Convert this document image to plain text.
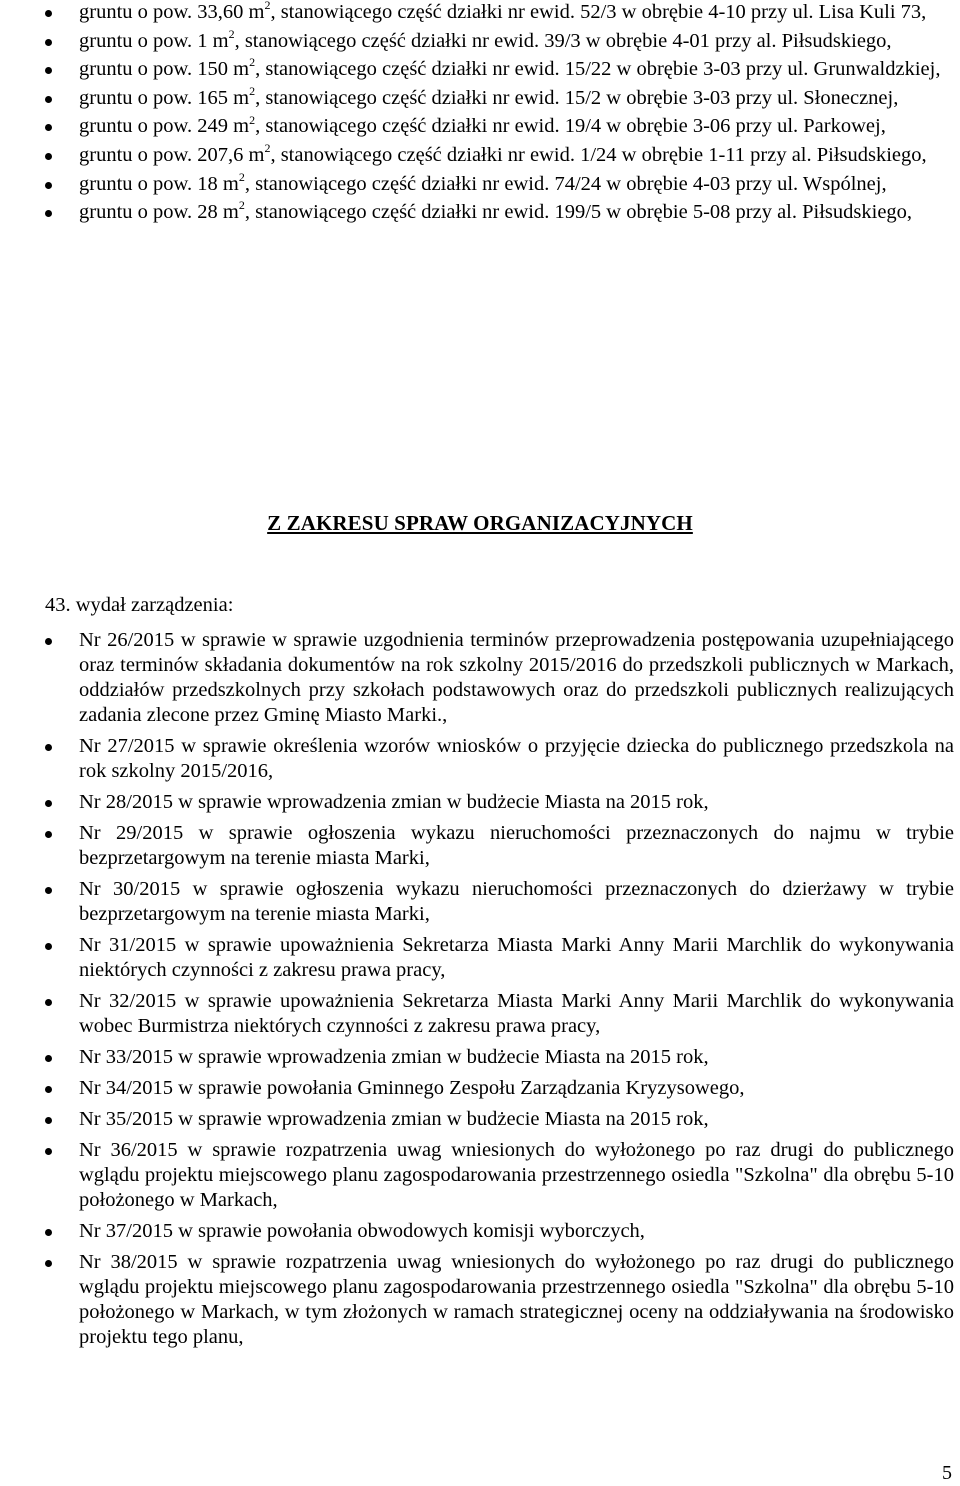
gruntu o pow. 33,60 $m^2$, stanowiącego część działki nr ewid. 52/3 w obrębie 4-10 przy ul. Lisa Kuli 73,
gruntu o pow. 1 $m^2$, stanowiącego część działki nr ewid. 39/3 w obrębie 4-01 przy al. Piłsudskiego,
gruntu o pow. 150 $m^2$, stanowiącego część działki nr ewid. 15/22 w obrębie 3-03 przy ul. Grunwaldzkiej,
gruntu o pow. 165 $m^2$, stanowiącego część działki nr ewid. 15/2 w obrębie 3-03 przy ul. Słonecznej,
gruntu o pow. 249 $m^2$, stanowiącego część działki nr ewid. 19/4 w obrębie 3-06 przy ul. Parkowej,
gruntu o pow. 207,6 $m^2$, stanowiącego część działki nr ewid. 1/24 w obrębie 1-11 przy al. Piłsudskiego,
gruntu o pow. 18 $m^2$, stanowiącego część działki nr ewid. 74/24 w obrębie 4-03 przy ul. Wspólnej,
gruntu o pow. 28 $m^2$, stanowiącego część działki nr ewid. 199/5 w obrębie 5-08 przy al. Piłsudskiego,
Z ZAKRESU SPRAW ORGANIZACYJNYCH
43. wydał zarządzenia:
Nr 26/2015 w sprawie w sprawie uzgodnienia terminów przeprowadzenia postępowania uzupełniającego oraz terminów składania dokumentów na rok szkolny 2015/2016 do przedszkoli publicznych w Markach, oddziałów przedszkolnych przy szkołach podstawowych oraz do przedszkoli publicznych realizujących zadania zlecone przez Gminę Miasto Marki.,
Nr 27/2015 w sprawie określenia wzorów wniosków o przyjęcie dziecka do publicznego przedszkola na rok szkolny 2015/2016,
Nr 28/2015 w sprawie wprowadzenia zmian w budżecie Miasta na 2015 rok,
Nr 29/2015 w sprawie ogłoszenia wykazu nieruchomości przeznaczonych do najmu w trybie bezprzetargowym na terenie miasta Marki,
Nr 30/2015 w sprawie ogłoszenia wykazu nieruchomości przeznaczonych do dzierżawy w trybie bezprzetargowym na terenie miasta Marki,
Nr 31/2015 w sprawie upoważnienia Sekretarza Miasta Marki Anny Marii Marchlik do wykonywania niektórych czynności z zakresu prawa pracy,
Nr 32/2015 w sprawie upoważnienia Sekretarza Miasta Marki Anny Marii Marchlik do wykonywania wobec Burmistrza niektórych czynności z zakresu prawa pracy,
Nr 33/2015 w sprawie wprowadzenia zmian w budżecie Miasta na 2015 rok,
Nr 34/2015 w sprawie powołania Gminnego Zespołu Zarządzania Kryzysowego,
Nr 35/2015 w sprawie wprowadzenia zmian w budżecie Miasta na 2015 rok,
Nr 36/2015 w sprawie rozpatrzenia uwag wniesionych do wyłożonego po raz drugi do publicznego wglądu projektu miejscowego planu zagospodarowania przestrzennego osiedla "Szkolna" dla obrębu 5-10 położonego w Markach,
Nr 37/2015 w sprawie powołania obwodowych komisji wyborczych,
Nr 38/2015 w sprawie rozpatrzenia uwag wniesionych do wyłożonego po raz drugi do publicznego wglądu projektu miejscowego planu zagospodarowania przestrzennego osiedla "Szkolna" dla obrębu 5-10 położonego w Markach, w tym złożonych w ramach strategicznej oceny na oddziaływania na środowisko projektu tego planu,
5
